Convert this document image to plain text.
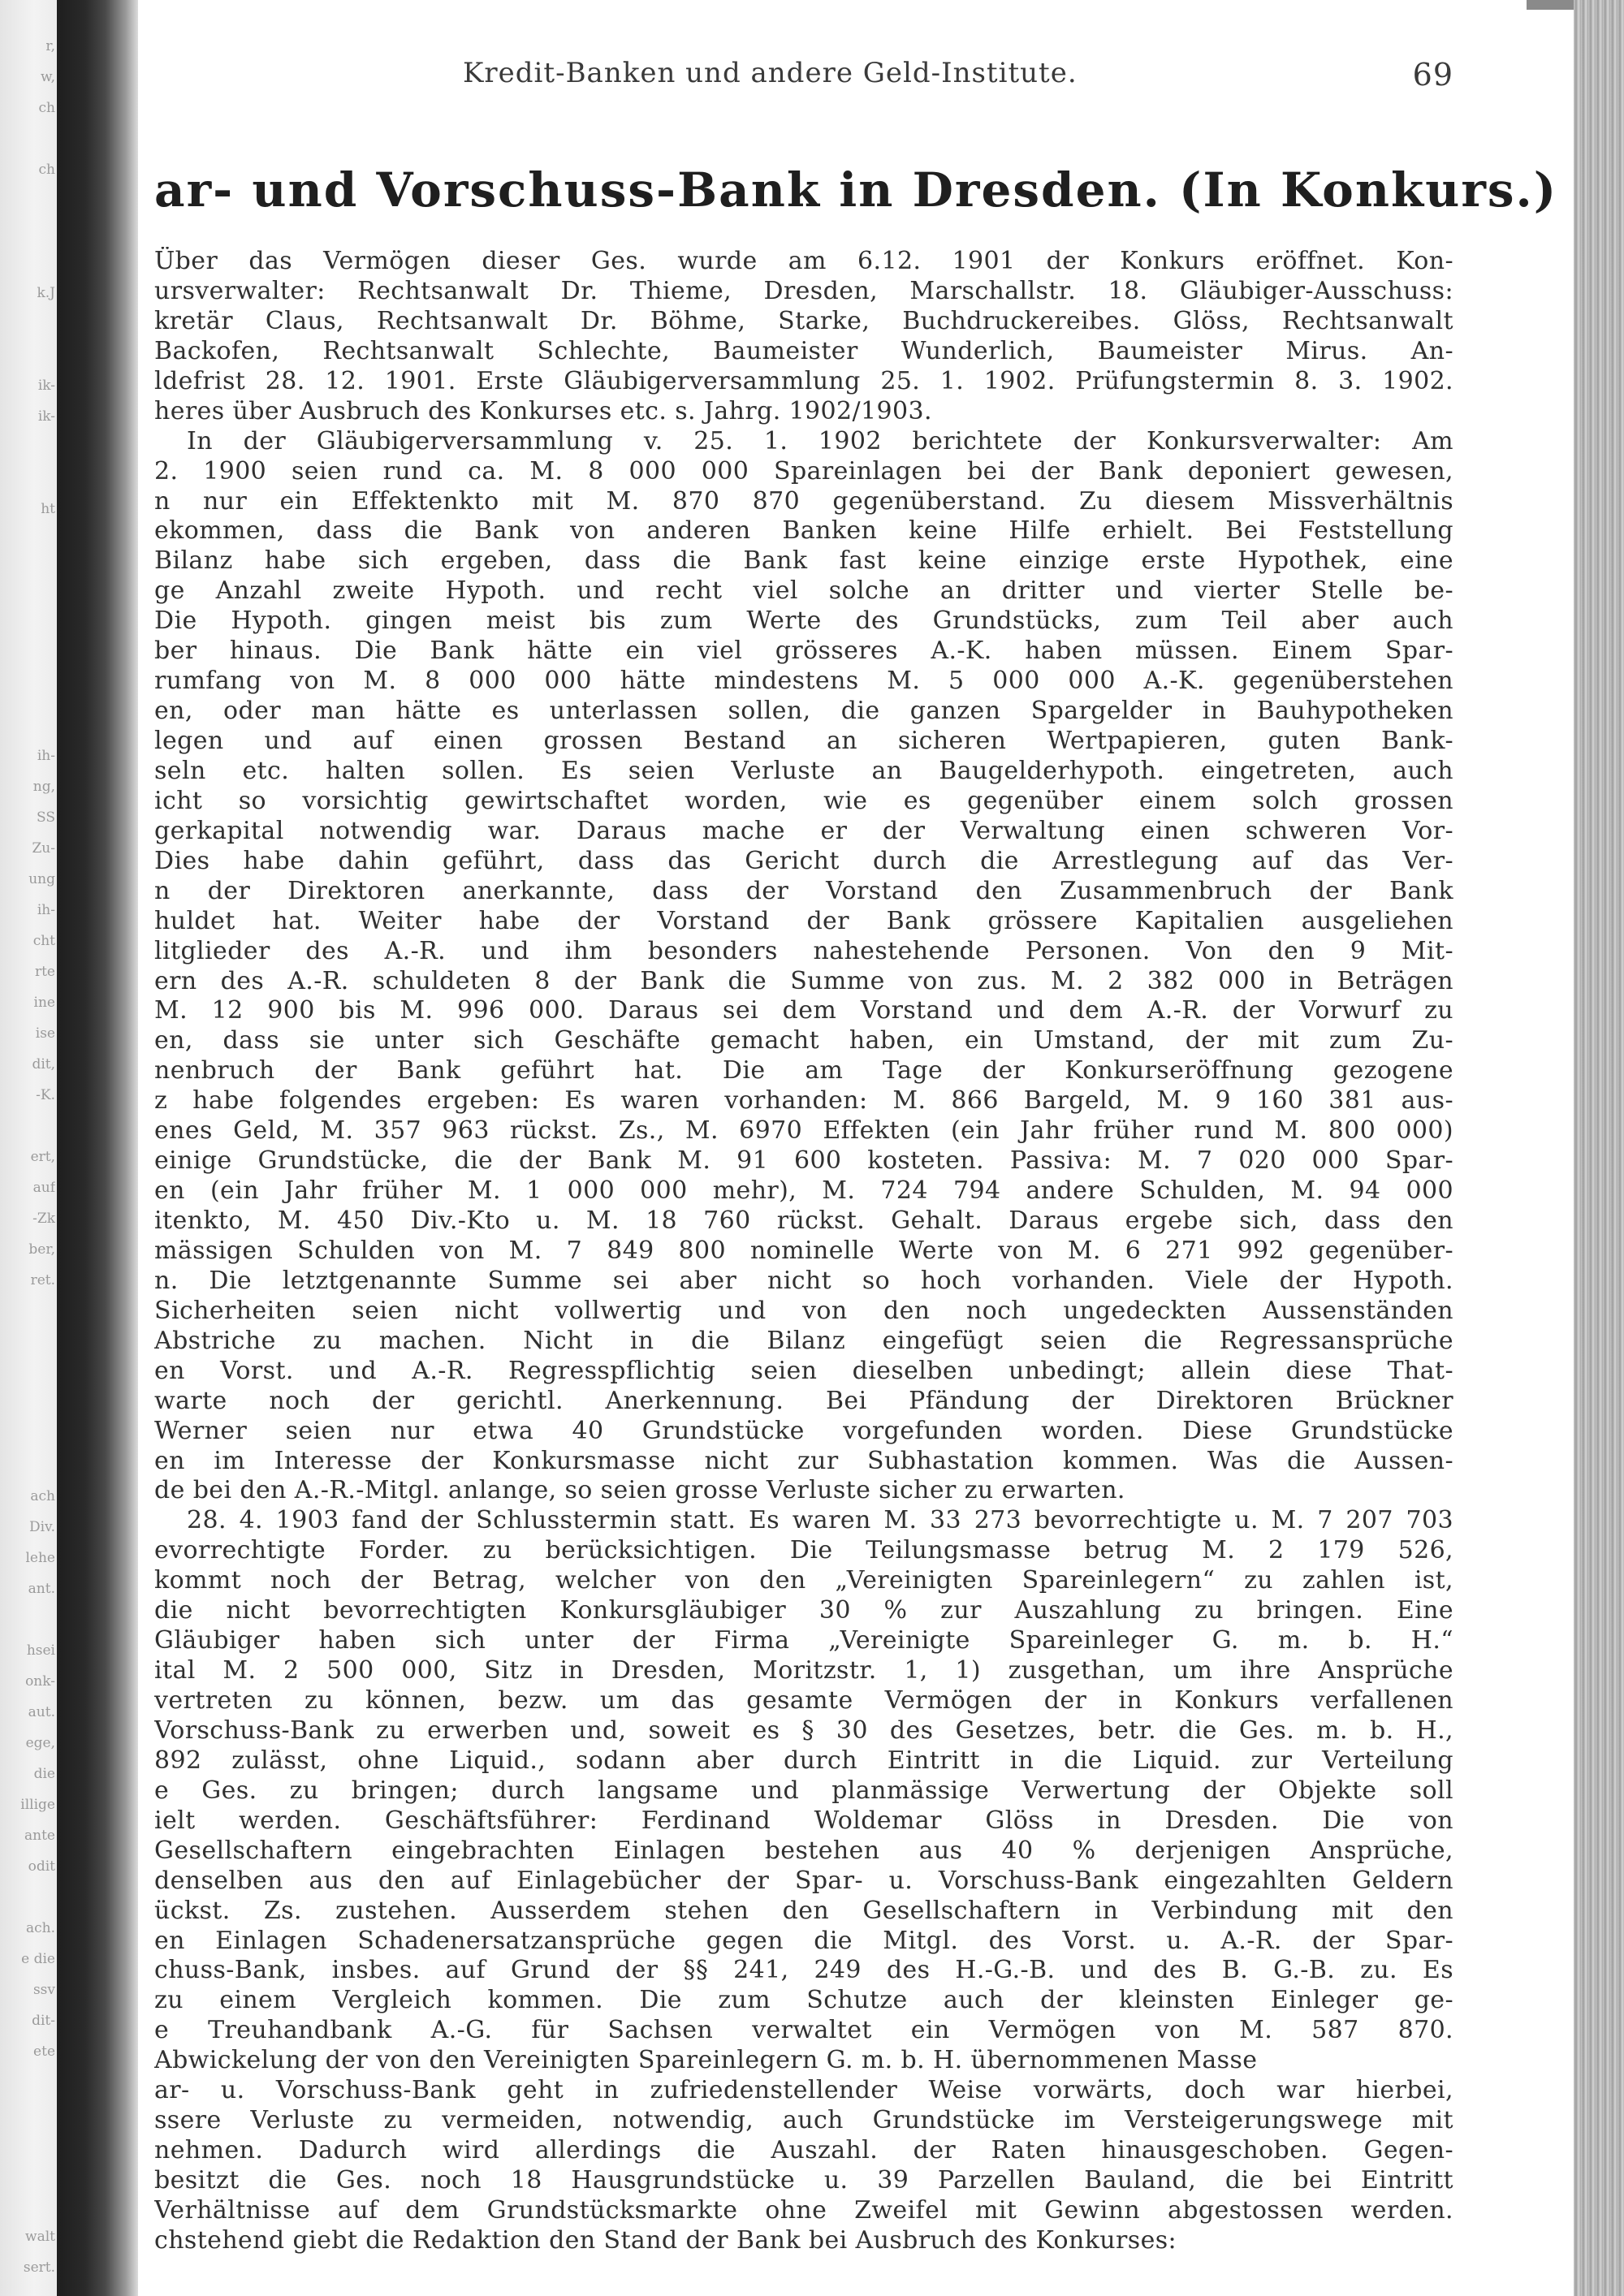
r,
w,
ch

ch

k.J

ik-
ik-

ht

ih-
ng,
SS
Zu-
ung
ih-
cht
rte
ine
ise
dit,
-K.

ert,
auf
-Zk
ber,
ret.

ach
Div.
lehe
ant.

hsei
onk-
aut.
ege,
die
illige
ante
odit

ach.
e die
ssv
dit-
ete

walt
sert.
Kredit-Banken und andere Geld-Institute.	69
ar- und Vorschuss-Bank in Dresden. (In Konkurs.)
Über das Vermögen dieser Ges. wurde am 6.12. 1901 der Konkurs eröffnet. Kon-
ursverwalter: Rechtsanwalt Dr. Thieme, Dresden, Marschallstr. 18. Gläubiger-Ausschuss:
kretär Claus, Rechtsanwalt Dr. Böhme, Starke, Buchdruckereibes. Glöss, Rechtsanwalt
Backofen, Rechtsanwalt Schlechte, Baumeister Wunderlich, Baumeister Mirus. An-
ldefrist 28. 12. 1901. Erste Gläubigerversammlung 25. 1. 1902. Prüfungstermin 8. 3. 1902.
heres über Ausbruch des Konkurses etc. s. Jahrg. 1902/1903.
In der Gläubigerversammlung v. 25. 1. 1902 berichtete der Konkursverwalter: Am
2. 1900 seien rund ca. M. 8 000 000 Spareinlagen bei der Bank deponiert gewesen,
n nur ein Effektenkto mit M. 870 870 gegenüberstand. Zu diesem Missverhältnis
ekommen, dass die Bank von anderen Banken keine Hilfe erhielt. Bei Feststellung
Bilanz habe sich ergeben, dass die Bank fast keine einzige erste Hypothek, eine
ge Anzahl zweite Hypoth. und recht viel solche an dritter und vierter Stelle be-
Die Hypoth. gingen meist bis zum Werte des Grundstücks, zum Teil aber auch
ber hinaus. Die Bank hätte ein viel grösseres A.-K. haben müssen. Einem Spar-
rumfang von M. 8 000 000 hätte mindestens M. 5 000 000 A.-K. gegenüberstehen
en, oder man hätte es unterlassen sollen, die ganzen Spargelder in Bauhypotheken
legen und auf einen grossen Bestand an sicheren Wertpapieren, guten Bank-
seln etc. halten sollen. Es seien Verluste an Baugelderhypoth. eingetreten, auch
icht so vorsichtig gewirtschaftet worden, wie es gegenüber einem solch grossen
gerkapital notwendig war. Daraus mache er der Verwaltung einen schweren Vor-
Dies habe dahin geführt, dass das Gericht durch die Arrestlegung auf das Ver-
n der Direktoren anerkannte, dass der Vorstand den Zusammenbruch der Bank
huldet hat. Weiter habe der Vorstand der Bank grössere Kapitalien ausgeliehen
litglieder des A.-R. und ihm besonders nahestehende Personen. Von den 9 Mit-
ern des A.-R. schuldeten 8 der Bank die Summe von zus. M. 2 382 000 in Beträgen
M. 12 900 bis M. 996 000. Daraus sei dem Vorstand und dem A.-R. der Vorwurf zu
en, dass sie unter sich Geschäfte gemacht haben, ein Umstand, der mit zum Zu-
nenbruch der Bank geführt hat. Die am Tage der Konkurseröffnung gezogene
z habe folgendes ergeben: Es waren vorhanden: M. 866 Bargeld, M. 9 160 381 aus-
enes Geld, M. 357 963 rückst. Zs., M. 6970 Effekten (ein Jahr früher rund M. 800 000)
einige Grundstücke, die der Bank M. 91 600 kosteten. Passiva: M. 7 020 000 Spar-
en (ein Jahr früher M. 1 000 000 mehr), M. 724 794 andere Schulden, M. 94 000
itenkto, M. 450 Div.-Kto u. M. 18 760 rückst. Gehalt. Daraus ergebe sich, dass den
mässigen Schulden von M. 7 849 800 nominelle Werte von M. 6 271 992 gegenüber-
n. Die letztgenannte Summe sei aber nicht so hoch vorhanden. Viele der Hypoth.
Sicherheiten seien nicht vollwertig und von den noch ungedeckten Aussenständen
Abstriche zu machen. Nicht in die Bilanz eingefügt seien die Regressansprüche
en Vorst. und A.-R. Regresspflichtig seien dieselben unbedingt; allein diese That-
warte noch der gerichtl. Anerkennung. Bei Pfändung der Direktoren Brückner
Werner seien nur etwa 40 Grundstücke vorgefunden worden. Diese Grundstücke
en im Interesse der Konkursmasse nicht zur Subhastation kommen. Was die Aussen-
de bei den A.-R.-Mitgl. anlange, so seien grosse Verluste sicher zu erwarten.
28. 4. 1903 fand der Schlusstermin statt. Es waren M. 33 273 bevorrechtigte u. M. 7 207 703
evorrechtigte Forder. zu berücksichtigen. Die Teilungsmasse betrug M. 2 179 526,
kommt noch der Betrag, welcher von den „Vereinigten Spareinlegern“ zu zahlen ist,
die nicht bevorrechtigten Konkursgläubiger 30 % zur Auszahlung zu bringen. Eine
Gläubiger haben sich unter der Firma „Vereinigte Spareinleger G. m. b. H.“
ital M. 2 500 000, Sitz in Dresden, Moritzstr. 1, 1) zusgethan, um ihre Ansprüche
vertreten zu können, bezw. um das gesamte Vermögen der in Konkurs verfallenen
Vorschuss-Bank zu erwerben und, soweit es § 30 des Gesetzes, betr. die Ges. m. b. H.,
892 zulässt, ohne Liquid., sodann aber durch Eintritt in die Liquid. zur Verteilung
e Ges. zu bringen; durch langsame und planmässige Verwertung der Objekte soll
ielt werden. Geschäftsführer: Ferdinand Woldemar Glöss in Dresden. Die von
Gesellschaftern eingebrachten Einlagen bestehen aus 40 % derjenigen Ansprüche,
denselben aus den auf Einlagebücher der Spar- u. Vorschuss-Bank eingezahlten Geldern
ückst. Zs. zustehen. Ausserdem stehen den Gesellschaftern in Verbindung mit den
en Einlagen Schadenersatzansprüche gegen die Mitgl. des Vorst. u. A.-R. der Spar-
chuss-Bank, insbes. auf Grund der §§ 241, 249 des H.-G.-B. und des B. G.-B. zu. Es
zu einem Vergleich kommen. Die zum Schutze auch der kleinsten Einleger ge-
e Treuhandbank A.-G. für Sachsen verwaltet ein Vermögen von M. 587 870.
Abwickelung der von den Vereinigten Spareinlegern G. m. b. H. übernommenen Masse
ar- u. Vorschuss-Bank geht in zufriedenstellender Weise vorwärts, doch war hierbei,
ssere Verluste zu vermeiden, notwendig, auch Grundstücke im Versteigerungswege mit
nehmen. Dadurch wird allerdings die Auszahl. der Raten hinausgeschoben. Gegen-
besitzt die Ges. noch 18 Hausgrundstücke u. 39 Parzellen Bauland, die bei Eintritt
Verhältnisse auf dem Grundstücksmarkte ohne Zweifel mit Gewinn abgestossen werden.
chstehend giebt die Redaktion den Stand der Bank bei Ausbruch des Konkurses:
